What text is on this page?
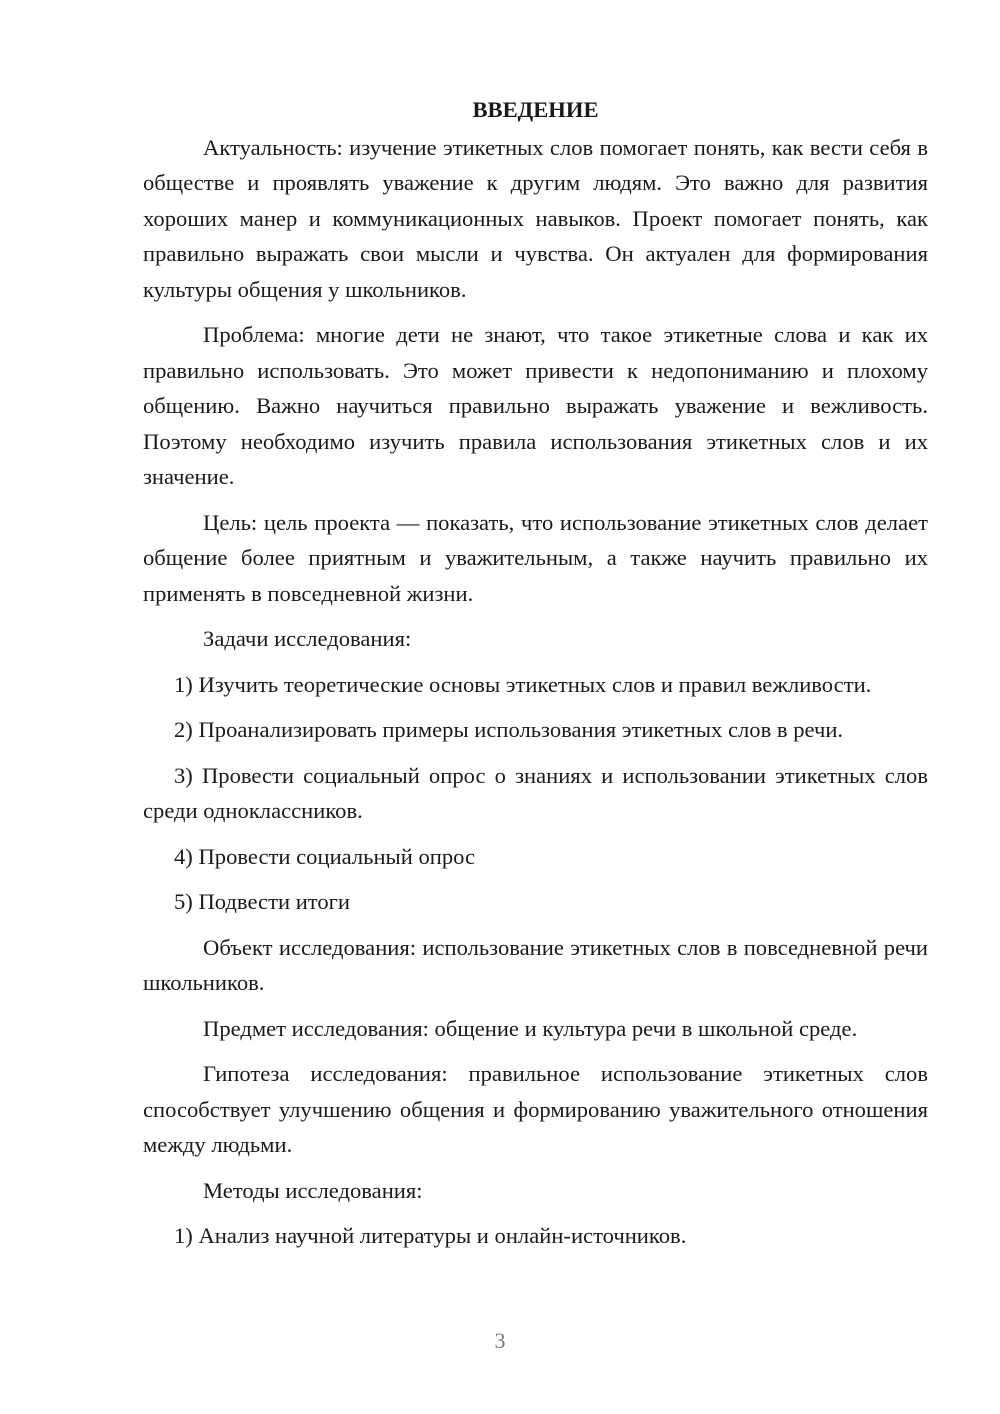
ВВЕДЕНИЕ

Актуальность: изучение этикетных слов помогает понять, как вести себя в обществе и проявлять уважение к другим людям. Это важно для развития хороших манер и коммуникационных навыков. Проект помогает понять, как правильно выражать свои мысли и чувства. Он актуален для формирования культуры общения у школьников.

Проблема: многие дети не знают, что такое этикетные слова и как их правильно использовать. Это может привести к недопониманию и плохому общению. Важно научиться правильно выражать уважение и вежливость. Поэтому необходимо изучить правила использования этикетных слов и их значение.

Цель: цель проекта — показать, что использование этикетных слов делает общение более приятным и уважительным, а также научить правильно их применять в повседневной жизни.

Задачи исследования:

1) Изучить теоретические основы этикетных слов и правил вежливости.

2) Проанализировать примеры использования этикетных слов в речи.

3) Провести социальный опрос о знаниях и использовании этикетных слов среди одноклассников.

4) Провести социальный опрос

5) Подвести итоги

Объект исследования: использование этикетных слов в повседневной речи школьников.

Предмет исследования: общение и культура речи в школьной среде.

Гипотеза исследования: правильное использование этикетных слов способствует улучшению общения и формированию уважительного отношения между людьми.

Методы исследования:

1) Анализ научной литературы и онлайн-источников.

3
